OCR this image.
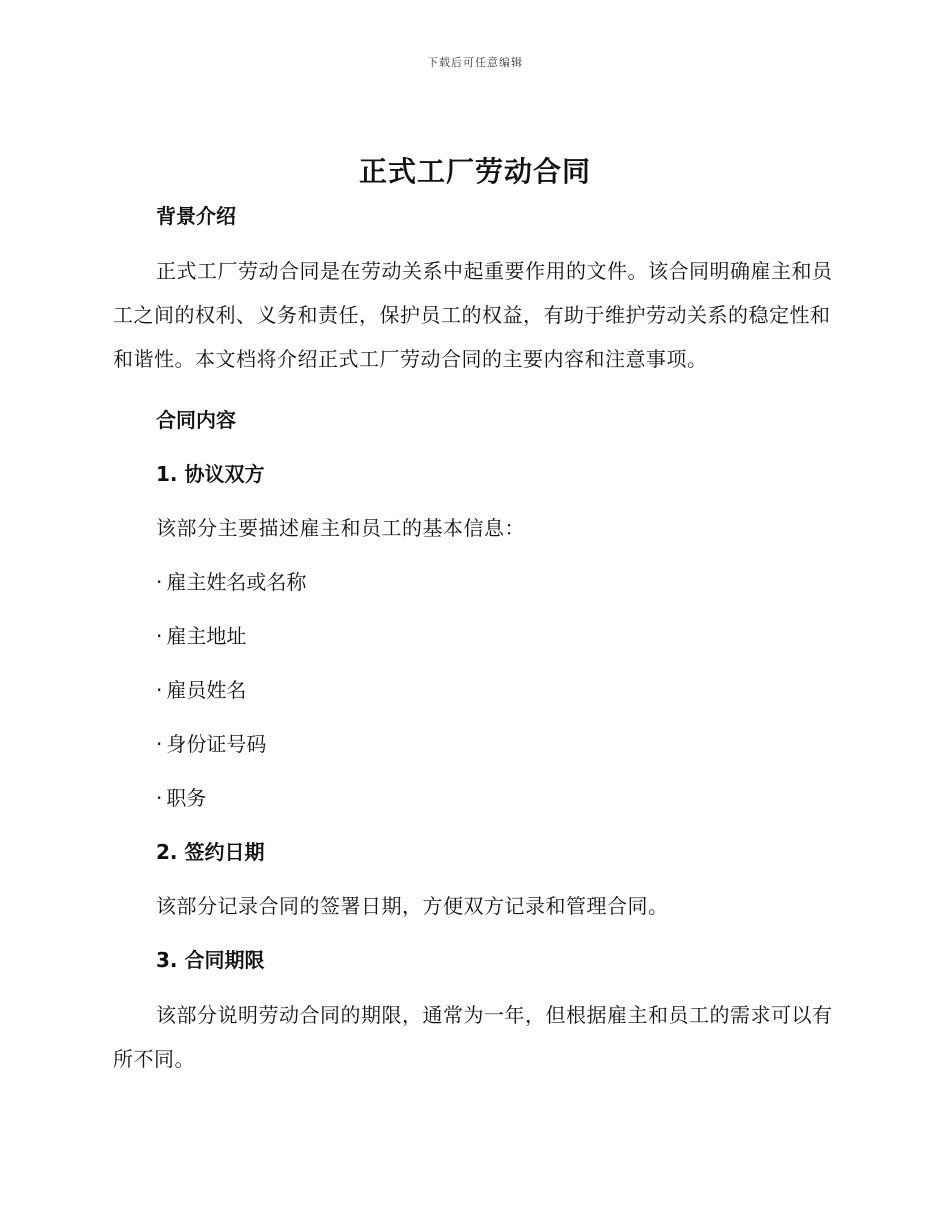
下载后可任意编辑
正式工厂劳动合同

背景介绍

正式工厂劳动合同是在劳动关系中起重要作用的文件。该合同明确雇主和员工之间的权利、义务和责任，保护员工的权益，有助于维护劳动关系的稳定性和和谐性。本文档将介绍正式工厂劳动合同的主要内容和注意事项。

合同内容

1. 协议双方

该部分主要描述雇主和员工的基本信息：

· 雇主姓名或名称

· 雇主地址

· 雇员姓名

· 身份证号码

· 职务

2. 签约日期

该部分记录合同的签署日期，方便双方记录和管理合同。

3. 合同期限

该部分说明劳动合同的期限，通常为一年，但根据雇主和员工的需求可以有所不同。
